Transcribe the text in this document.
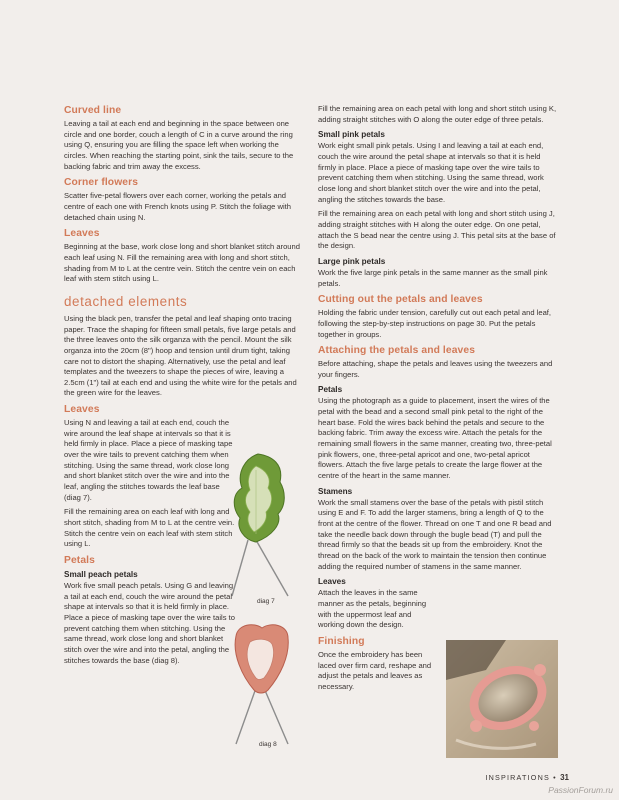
Curved line

Leaving a tail at each end and beginning in the space between one circle and one border, couch a length of C in a curve around the ring using Q, ensuring you are filling the space left when working the circles. When reaching the starting point, sink the tails, secure to the backing fabric and trim away the excess.

Corner flowers

Scatter five-petal flowers over each corner, working the petals and centre of each one with French knots using P. Stitch the foliage with detached chain using N.

Leaves

Beginning at the base, work close long and short blanket stitch around each leaf using N. Fill the remaining area with long and short stitch, shading from M to L at the centre vein. Stitch the centre vein on each leaf with stem stitch using L.

detached elements

Using the black pen, transfer the petal and leaf shaping onto tracing paper. Trace the shaping for fifteen small petals, five large petals and the three leaves onto the silk organza with the pencil. Mount the silk organza into the 20cm (8") hoop and tension until drum tight, taking care not to distort the shaping. Alternatively, use the petal and leaf templates and the tweezers to shape the pieces of wire, leaving a 2.5cm (1") tail at each end and using the white wire for the petals and the green wire for the leaves.

Leaves

Using N and leaving a tail at each end, couch the wire around the leaf shape at intervals so that it is held firmly in place. Place a piece of masking tape over the wire tails to prevent catching them when stitching. Using the same thread, work close long and short blanket stitch over the wire and into the leaf, angling the stitches towards the leaf base (diag 7).

Fill the remaining area on each leaf with long and short stitch, shading from M to L at the centre vein. Stitch the centre vein on each leaf with stem stitch using L.

Petals
Small peach petals

Work five small peach petals. Using G and leaving a tail at each end, couch the wire around the petal shape at intervals so that it is held firmly in place. Place a piece of masking tape over the wire tails to prevent catching them when stitching. Using the same thread, work close long and short blanket stitch over the wire and into the petal, angling the stitches towards the base (diag 8).

diag 7
diag 8

Fill the remaining area on each petal with long and short stitch using K, adding straight stitches with O along the outer edge of three petals.

Small pink petals

Work eight small pink petals. Using I and leaving a tail at each end, couch the wire around the petal shape at intervals so that it is held firmly in place. Place a piece of masking tape over the wire tails to prevent catching them when stitching. Using the same thread, work close long and short blanket stitch over the wire and into the petal, angling the stitches towards the base.

Fill the remaining area on each petal with long and short stitch using J, adding straight stitches with H along the outer edge. On one petal, attach the S bead near the centre using J. This petal sits at the base of the design.

Large pink petals

Work the five large pink petals in the same manner as the small pink petals.

Cutting out the petals and leaves

Holding the fabric under tension, carefully cut out each petal and leaf, following the step-by-step instructions on page 30. Put the petals together in groups.

Attaching the petals and leaves

Before attaching, shape the petals and leaves using the tweezers and your fingers.

Petals

Using the photograph as a guide to placement, insert the wires of the petal with the bead and a second small pink petal to the right of the heart base. Fold the wires back behind the petals and secure to the backing fabric. Trim away the excess wire. Attach the petals for the remaining small flowers in the same manner, creating two, three-petal pink flowers, one, three-petal apricot and one, two-petal apricot flowers. Attach the five large petals to create the large flower at the centre of the heart in the same manner.

Stamens

Work the small stamens over the base of the petals with pistil stitch using E and F. To add the larger stamens, bring a length of Q to the front at the centre of the flower. Thread on one T and one R bead and take the needle back down through the bugle bead (T) and pull the thread firmly so that the beads sit up from the embroidery. Knot the thread on the back of the work to maintain the tension then continue adding the required number of stamens in the same manner.

Leaves

Attach the leaves in the same manner as the petals, beginning with the uppermost leaf and working down the design.

Finishing

Once the embroidery has been laced over firm card, reshape and adjust the petals and leaves as necessary.

INSPIRATIONS • 31
PassionForum.ru
